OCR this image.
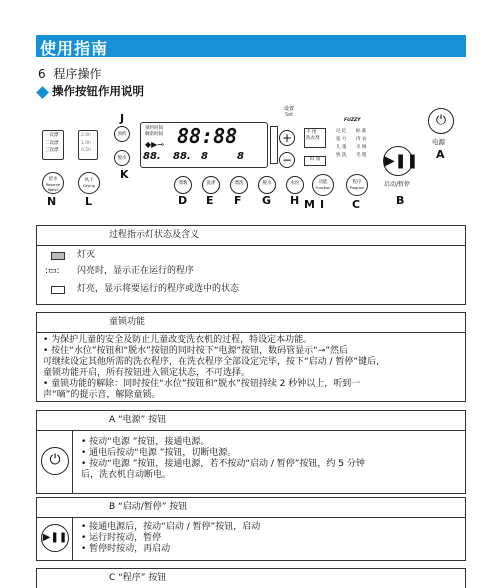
使用指南
6 程序操作
操作按钮作用说明
设置
Set
一次漂
二次漂
三次漂
2.0h
1.0h
0.5h
J
预约
脱水
K
预约时间
剩余时间 88:88
◆▶⊸
88. 88. 8	8
+
−
不 用
洗衣剂
洱 屆
记 忆
弦 力
儿 童
快 洗
标 准
内 衣
羊 绒
毛 毯
FUZZY
▶❚❚
启动/暂停
⏻
电源
A
留水
Reserve Water
风干
Drying	漂数	洗涤	漂洗	脱水	水位	功能
Function
程序
Program
N	L	D E F G H M I	C	B
过程指示灯状态及含义
灯灭
:▭: 闪亮时，显示正在运行的程序
灯亮，显示将要运行的程序或选中的状态
童锁功能
• 为保护儿童的安全及防止儿童改变洗衣机的过程，特设定本功能。
• 按住“水位”按钮和“脱水”按钮的同时按下“电源”按钮，数码管显示“⊸”然后
可继续设定其他所需的洗衣程序，在洗衣程序全部设定完毕，按下“启动 / 暂停”键后,
童锁功能开启，所有按钮进入锁定状态，不可选择。
• 童锁功能的解除：同时按住“水位”按钮和“脱水”按钮持续 2 秒钟以上，听到一
声“嘀”的提示音，解除童锁。
A “电源” 按钮
⏻
• 按动“电源 ”按钮，接通电源。
• 通电后按动“电源 ”按钮，切断电源。
• 按动“电源 ”按钮，接通电源，若不按动“启动 / 暂停”按钮，约 5 分钟
后，洗衣机自动断电。
B “启动/暂停” 按钮
▶❚❚
• 接通电源后，按动“启动 / 暂停”按钮，启动
• 运行时按动，暂停
• 暂停时按动，再启动
C “程序” 按钮
